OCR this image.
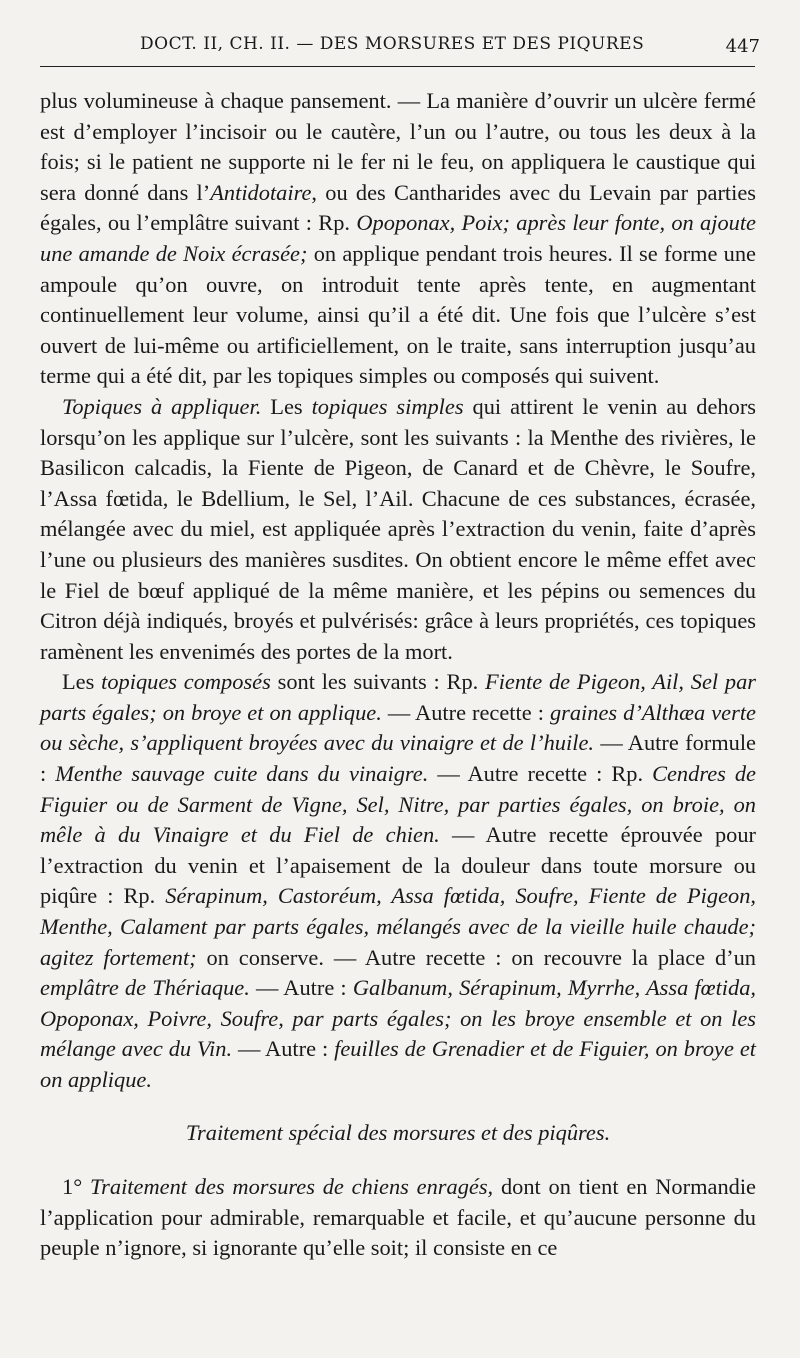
DOCT. II, CH. II. — DES MORSURES ET DES PIQURES	447

plus volumineuse à chaque pansement. — La manière d’ouvrir un ulcère fermé est d’employer l’incisoir ou le cautère, l’un ou l’autre, ou tous les deux à la fois; si le patient ne supporte ni le fer ni le feu, on appliquera le caustique qui sera donné dans l’Antidotaire, ou des Cantharides avec du Levain par parties égales, ou l’emplâtre suivant : Rp. Opoponax, Poix; après leur fonte, on ajoute une amande de Noix écrasée; on applique pendant trois heures. Il se forme une ampoule qu’on ouvre, on introduit tente après tente, en augmentant continuellement leur volume, ainsi qu’il a été dit. Une fois que l’ulcère s’est ouvert de lui-même ou artificiellement, on le traite, sans interruption jusqu’au terme qui a été dit, par les topiques simples ou composés qui suivent.

Topiques à appliquer. Les topiques simples qui attirent le venin au dehors lorsqu’on les applique sur l’ulcère, sont les suivants : la Menthe des rivières, le Basilicon calcadis, la Fiente de Pigeon, de Canard et de Chèvre, le Soufre, l’Assa fœtida, le Bdellium, le Sel, l’Ail. Chacune de ces substances, écrasée, mélangée avec du miel, est appliquée après l’extraction du venin, faite d’après l’une ou plusieurs des manières susdites. On obtient encore le même effet avec le Fiel de bœuf appliqué de la même manière, et les pépins ou semences du Citron déjà indiqués, broyés et pulvérisés: grâce à leurs propriétés, ces topiques ramènent les envenimés des portes de la mort.

Les topiques composés sont les suivants : Rp. Fiente de Pigeon, Ail, Sel par parts égales; on broye et on applique. — Autre recette : graines d’Althæa verte ou sèche, s’appliquent broyées avec du vinaigre et de l’huile. — Autre formule : Menthe sauvage cuite dans du vinaigre. — Autre recette : Rp. Cendres de Figuier ou de Sarment de Vigne, Sel, Nitre, par parties égales, on broie, on mêle à du Vinaigre et du Fiel de chien. — Autre recette éprouvée pour l’extraction du venin et l’apaisement de la douleur dans toute morsure ou piqûre : Rp. Sérapinum, Castoréum, Assa fœtida, Soufre, Fiente de Pigeon, Menthe, Calament par parts égales, mélangés avec de la vieille huile chaude; agitez fortement; on conserve. — Autre recette : on recouvre la place d’un emplâtre de Thériaque. — Autre : Galbanum, Sérapinum, Myrrhe, Assa fœtida, Opoponax, Poivre, Soufre, par parts égales; on les broye ensemble et on les mélange avec du Vin. — Autre : feuilles de Grenadier et de Figuier, on broye et on applique.

Traitement spécial des morsures et des piqûres.

1° Traitement des morsures de chiens enragés, dont on tient en Normandie l’application pour admirable, remarquable et facile, et qu’aucune personne du peuple n’ignore, si ignorante qu’elle soit; il consiste en ce
